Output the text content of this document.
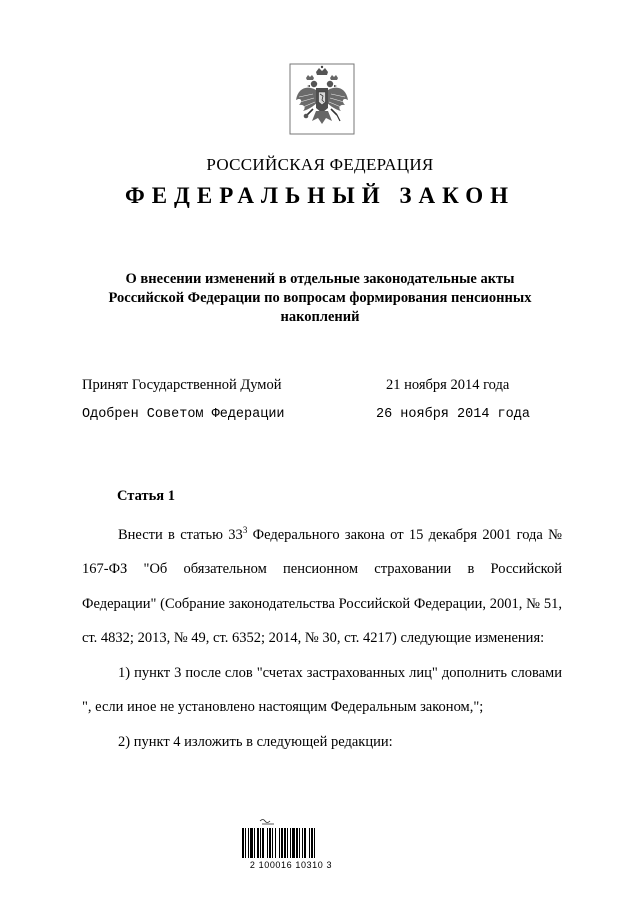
РОССИЙСКАЯ ФЕДЕРАЦИЯ
ФЕДЕРАЛЬНЫЙ ЗАКОН
О внесении изменений в отдельные законодательные акты Российской Федерации по вопросам формирования пенсионных накоплений
Принят Государственной Думой	21 ноября 2014 года
Одобрен Советом Федерации	26 ноября 2014 года
Статья 1

Внести в статью $33^3$ Федерального закона от 15 декабря 2001 года № 167-ФЗ "Об обязательном пенсионном страховании в Российской Федерации" (Собрание законодательства Российской Федерации, 2001, № 51, ст. 4832; 2013, № 49, ст. 6352; 2014, № 30, ст. 4217) следующие изменения:

1) пункт 3 после слов "счетах застрахованных лиц" дополнить словами ", если иное не установлено настоящим Федеральным законом,";

2) пункт 4 изложить в следующей редакции:

2 100016 10310 3
